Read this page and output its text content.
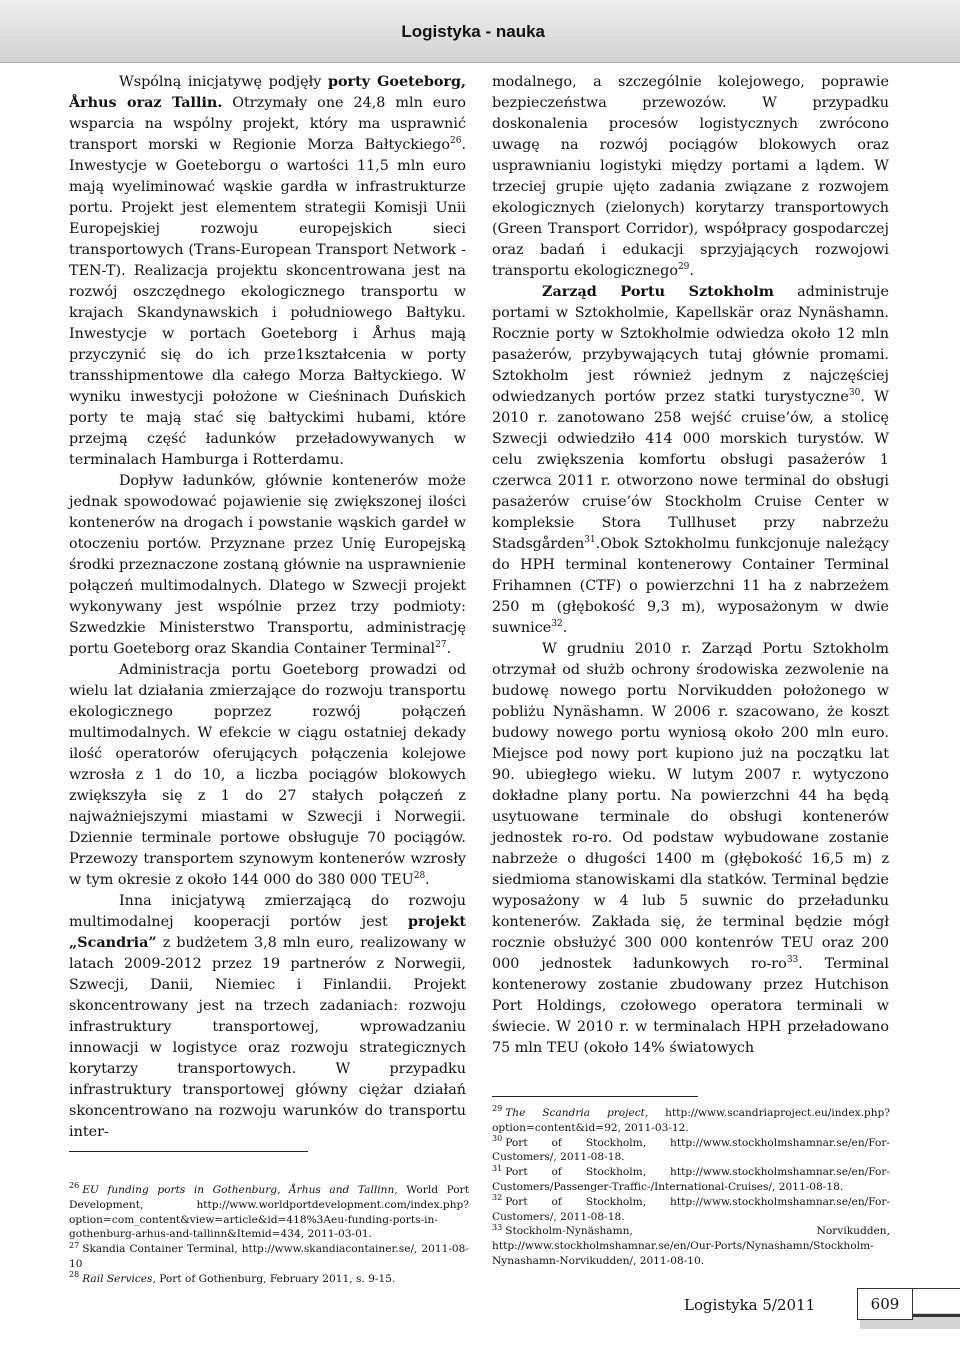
Logistyka - nauka

Wspólną inicjatywę podjęły porty Goeteborg, Århus oraz Tallin. Otrzymały one 24,8 mln euro wsparcia na wspólny projekt, który ma usprawnić transport morski w Regionie Morza Bałtyckiego$^{26}$. Inwestycje w Goeteborgu o wartości 11,5 mln euro mają wyeliminować wąskie gardła w infrastrukturze portu. Projekt jest elementem strategii Komisji Unii Europejskiej rozwoju europejskich sieci transportowych (Trans-European Transport Network - TEN-T). Realizacja projektu skoncentrowana jest na rozwój oszczędnego ekologicznego transportu w krajach Skandynawskich i południowego Bałtyku. Inwestycje w portach Goeteborg i Århus mają przyczynić się do ich prze1kształcenia w porty transshipmentowe dla całego Morza Bałtyckiego. W wyniku inwestycji położone w Cieśninach Duńskich porty te mają stać się bałtyckimi hubami, które przejmą część ładunków przeładowywanych w terminalach Hamburga i Rotterdamu.

Dopływ ładunków, głównie kontenerów może jednak spowodować pojawienie się zwiększonej ilości kontenerów na drogach i powstanie wąskich gardeł w otoczeniu portów. Przyznane przez Unię Europejską środki przeznaczone zostaną głównie na usprawnienie połączeń multimodalnych. Dlatego w Szwecji projekt wykonywany jest wspólnie przez trzy podmioty: Szwedzkie Ministerstwo Transportu, administrację portu Goeteborg oraz Skandia Container Terminal$^{27}$.

Administracja portu Goeteborg prowadzi od wielu lat działania zmierzające do rozwoju transportu ekologicznego poprzez rozwój połączeń multimodalnych. W efekcie w ciągu ostatniej dekady ilość operatorów oferujących połączenia kolejowe wzrosła z 1 do 10, a liczba pociągów blokowych zwiększyła się z 1 do 27 stałych połączeń z najważniejszymi miastami w Szwecji i Norwegii. Dziennie terminale portowe obsługuje 70 pociągów. Przewozy transportem szynowym kontenerów wzrosły w tym okresie z około 144 000 do 380 000 TEU$^{28}$.

Inna inicjatywą zmierzającą do rozwoju multimodalnej kooperacji portów jest projekt „Scandria” z budżetem 3,8 mln euro, realizowany w latach 2009-2012 przez 19 partnerów z Norwegii, Szwecji, Danii, Niemiec i Finlandii. Projekt skoncentrowany jest na trzech zadaniach: rozwoju infrastruktury transportowej, wprowadzaniu innowacji w logistyce oraz rozwoju strategicznych korytarzy transportowych. W przypadku infrastruktury transportowej główny ciężar działań skoncentrowano na rozwoju warunków do transportu inter-

modalnego, a szczególnie kolejowego, poprawie bezpieczeństwa przewozów. W przypadku doskonalenia procesów logistycznych zwrócono uwagę na rozwój pociągów blokowych oraz usprawnianiu logistyki między portami a lądem. W trzeciej grupie ujęto zadania związane z rozwojem ekologicznych (zielonych) korytarzy transportowych (Green Transport Corridor), współpracy gospodarczej oraz badań i edukacji sprzyjających rozwojowi transportu ekologicznego$^{29}$.

Zarząd Portu Sztokholm administruje portami w Sztokholmie, Kapellskär oraz Nynäshamn. Rocznie porty w Sztokholmie odwiedza około 12 mln pasażerów, przybywających tutaj głównie promami. Sztokholm jest również jednym z najczęściej odwiedzanych portów przez statki turystyczne$^{30}$. W 2010 r. zanotowano 258 wejść cruise’ów, a stolicę Szwecji odwiedziło 414 000 morskich turystów. W celu zwiększenia komfortu obsługi pasażerów 1 czerwca 2011 r. otworzono nowe terminal do obsługi pasażerów cruise’ów Stockholm Cruise Center w kompleksie Stora Tullhuset przy nabrzeżu Stadsgården$^{31}$.Obok Sztokholmu funkcjonuje należący do HPH terminal kontenerowy Container Terminal Frihamnen (CTF) o powierzchni 11 ha z nabrzeżem 250 m (głębokość 9,3 m), wyposażonym w dwie suwnice$^{32}$.

W grudniu 2010 r. Zarząd Portu Sztokholm otrzymał od służb ochrony środowiska zezwolenie na budowę nowego portu Norvikudden położonego w pobliżu Nynäshamn. W 2006 r. szacowano, że koszt budowy nowego portu wyniosą około 200 mln euro. Miejsce pod nowy port kupiono już na początku lat 90. ubiegłego wieku. W lutym 2007 r. wytyczono dokładne plany portu. Na powierzchni 44 ha będą usytuowane terminale do obsługi kontenerów jednostek ro-ro. Od podstaw wybudowane zostanie nabrzeże o długości 1400 m (głębokość 16,5 m) z siedmioma stanowiskami dla statków. Terminal będzie wyposażony w 4 lub 5 suwnic do przeładunku kontenerów. Zakłada się, że terminal będzie mógł rocznie obsłużyć 300 000 kontenrów TEU oraz 200 000 jednostek ładunkowych $ro-ro^{33}$. Terminal kontenerowy zostanie zbudowany przez Hutchison Port Holdings, czołowego operatora terminali w świecie. W 2010 r. w terminalach HPH przeładowano 75 mln TEU (około 14% światowych

$^{26}$ EU funding ports in Gothenburg, Århus and Tallinn, World Port Development, http://www.worldportdevelopment.com/index.php?option=com_content&view=article&id=418%3Aeu-funding-ports-in-gothenburg-arhus-and-tallinn&Itemid=434, 2011-03-01.

$^{27}$ Skandia Container Terminal, http://www.skandiacontainer.se/, 2011-08-10

$^{28}$ Rail Services, Port of Gothenburg, February 2011, s. 9-15.

$^{29}$ The Scandria project, http://www.scandriaproject.eu/index.php?option=content&id=92, 2011-03-12.

$^{30}$ Port of Stockholm, http://www.stockholmshamnar.se/en/For-Customers/, 2011-08-18.

$^{31}$ Port of Stockholm, http://www.stockholmshamnar.se/en/For-Customers/Passenger-Traffic-/International-Cruises/, 2011-08-18.

$^{32}$ Port of Stockholm, http://www.stockholmshamnar.se/en/For-Customers/, 2011-08-18.

$^{33}$ Stockholm-Nynäshamn, Norvikudden, http://www.stockholmshamnar.se/en/Our-Ports/Nynashamn/Stockholm-Nynashamn-Norvikudden/, 2011-08-10.

Logistyka 5/2011	609
